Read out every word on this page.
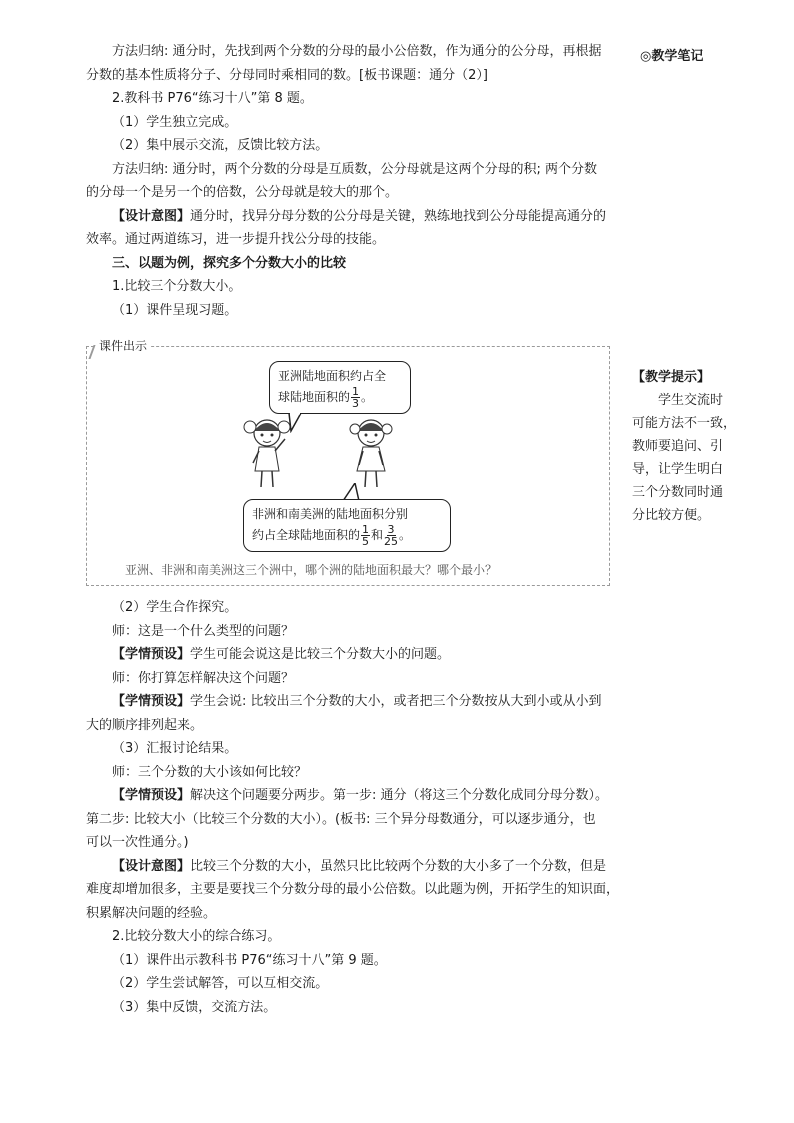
◎教学笔记
【教学提示】
学生交流时
可能方法不一致，
教师要追问、引
导，让学生明白
三个分数同时通
分比较方便。

方法归纳: 通分时，先找到两个分数的分母的最小公倍数，作为通分的公分母，再根据
分数的基本性质将分子、分母同时乘相同的数。[板书课题：通分（2）]

2.教科书 P76“练习十八”第 8 题。

（1）学生独立完成。

（2）集中展示交流，反馈比较方法。

方法归纳: 通分时，两个分数的分母是互质数，公分母就是这两个分母的积; 两个分数
的分母一个是另一个的倍数，公分母就是较大的那个。

【设计意图】通分时，找异分母分数的公分母是关键，熟练地找到公分母能提高通分的
效率。通过两道练习，进一步提升找公分母的技能。

三、以题为例，探究多个分数大小的比较

1.比较三个分数大小。

（1）课件呈现习题。

课件出示
亚洲陆地面积约占全
球陆地面积的 $\frac{1}{3}$ 。
非洲和南美洲的陆地面积分别
约占全球陆地面积的 $\frac{1}{5}$ 和 $\frac{3}{25}$ 。
亚洲、非洲和南美洲这三个洲中，哪个洲的陆地面积最大？哪个最小？

（2）学生合作探究。

师：这是一个什么类型的问题？

【学情预设】学生可能会说这是比较三个分数大小的问题。

师：你打算怎样解决这个问题？

【学情预设】学生会说: 比较出三个分数的大小，或者把三个分数按从大到小或从小到
大的顺序排列起来。

（3）汇报讨论结果。

师：三个分数的大小该如何比较？

【学情预设】解决这个问题要分两步。第一步: 通分（将这三个分数化成同分母分数）。
第二步: 比较大小（比较三个分数的大小）。(板书: 三个异分母数通分，可以逐步通分，也
可以一次性通分。)

【设计意图】比较三个分数的大小，虽然只比比较两个分数的大小多了一个分数，但是
难度却增加很多，主要是要找三个分数分母的最小公倍数。以此题为例，开拓学生的知识面，
积累解决问题的经验。

2.比较分数大小的综合练习。

（1）课件出示教科书 P76“练习十八”第 9 题。

（2）学生尝试解答，可以互相交流。

（3）集中反馈，交流方法。
